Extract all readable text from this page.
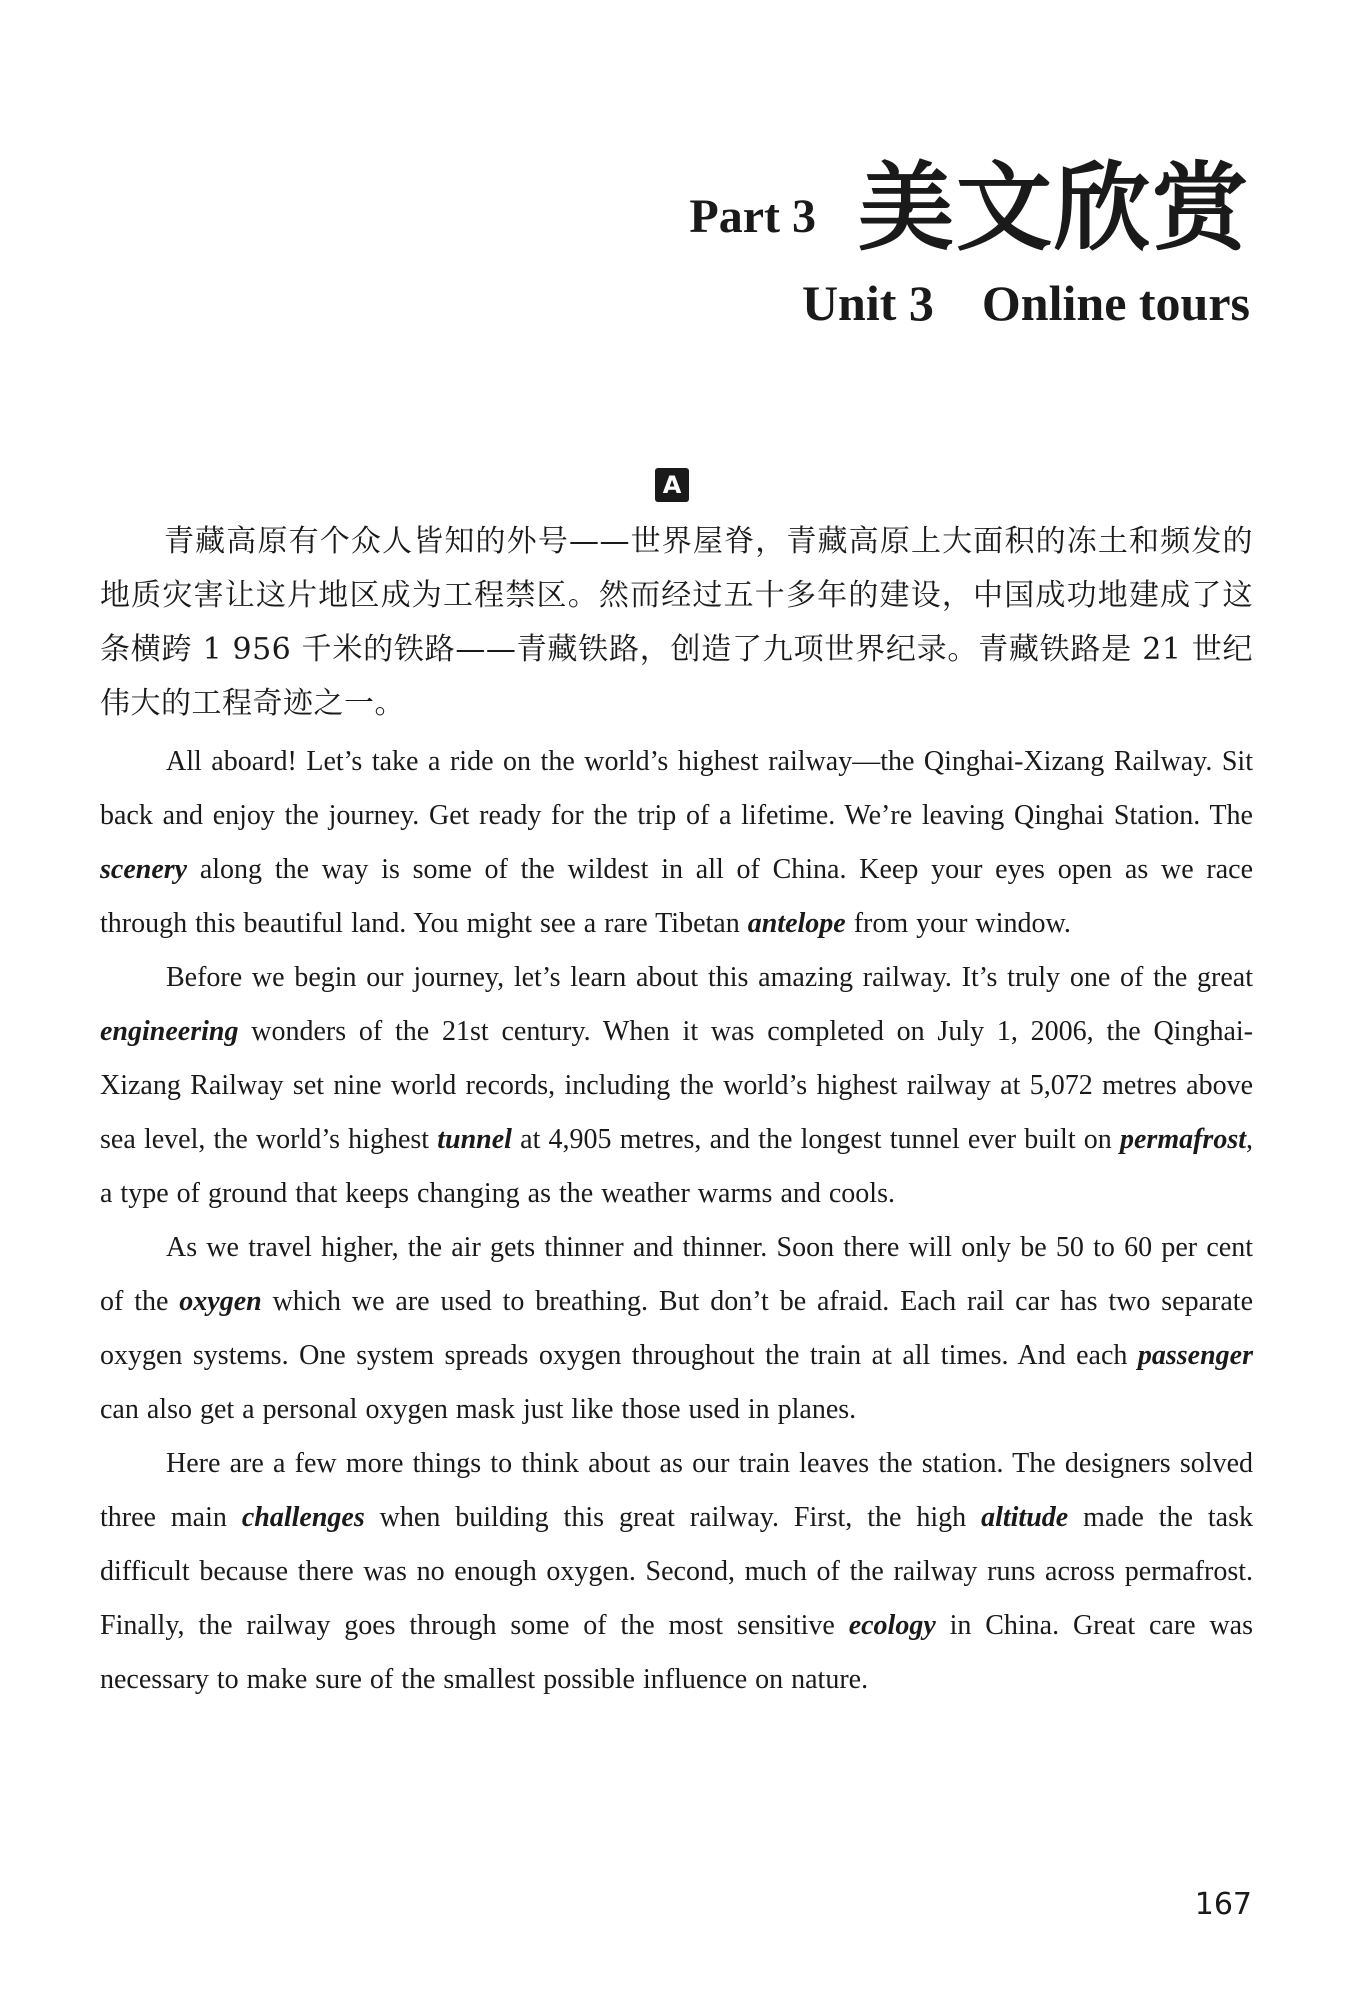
Part 3 美文欣赏
Unit 3 Online tours
A

青藏高原有个众人皆知的外号——世界屋脊，青藏高原上大面积的冻土和频发的地质灾害让这片地区成为工程禁区。然而经过五十多年的建设，中国成功地建成了这条横跨 1 956 千米的铁路——青藏铁路，创造了九项世界纪录。青藏铁路是 21 世纪伟大的工程奇迹之一。

All aboard! Let’s take a ride on the world’s highest railway—the Qinghai-Xizang Railway. Sit back and enjoy the journey. Get ready for the trip of a lifetime. We’re leaving Qinghai Station. The scenery along the way is some of the wildest in all of China. Keep your eyes open as we race through this beautiful land. You might see a rare Tibetan antelope from your window.

Before we begin our journey, let’s learn about this amazing railway. It’s truly one of the great engineering wonders of the 21st century. When it was completed on July 1, 2006, the Qinghai-Xizang Railway set nine world records, including the world’s highest railway at 5,072 metres above sea level, the world’s highest tunnel at 4,905 metres, and the longest tunnel ever built on permafrost, a type of ground that keeps changing as the weather warms and cools.

As we travel higher, the air gets thinner and thinner. Soon there will only be 50 to 60 per cent of the oxygen which we are used to breathing. But don’t be afraid. Each rail car has two separate oxygen systems. One system spreads oxygen throughout the train at all times. And each passenger can also get a personal oxygen mask just like those used in planes.

Here are a few more things to think about as our train leaves the station. The designers solved three main challenges when building this great railway. First, the high altitude made the task difficult because there was no enough oxygen. Second, much of the railway runs across permafrost. Finally, the railway goes through some of the most sensitive ecology in China. Great care was necessary to make sure of the smallest possible influence on nature.

167
